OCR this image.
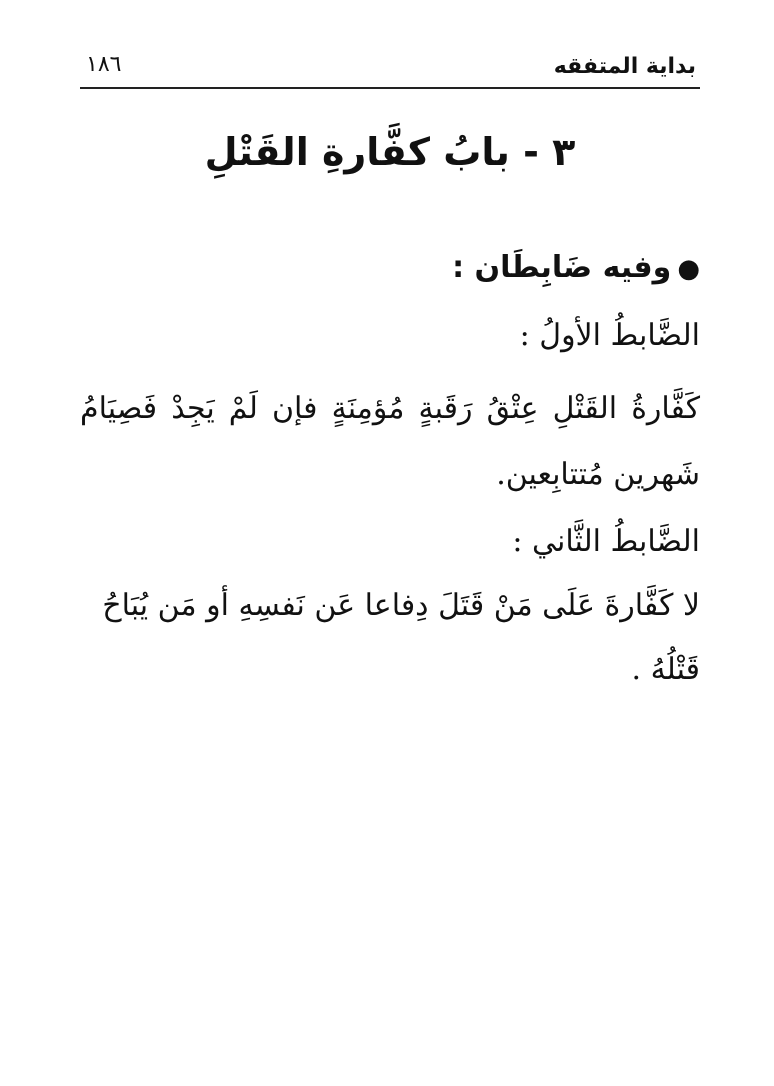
بداية المتفقه
١٨٦
٣ - بابُ كفَّارةِ القَتْلِ
●وفيه ضَابِطَان :
الضَّابطُ الأولُ :
كَفَّارةُ القَتْلِ عِتْقُ رَقَبةٍ مُؤمِنَةٍ فإن لَمْ يَجِدْ فَصِيَامُ شَهرين مُتتابِعين.
الضَّابطُ الثَّاني :
لا كَفَّارةَ عَلَى مَنْ قَتَلَ دِفاعا عَن نَفسِهِ أو مَن يُبَاحُ قَتْلُهُ .
